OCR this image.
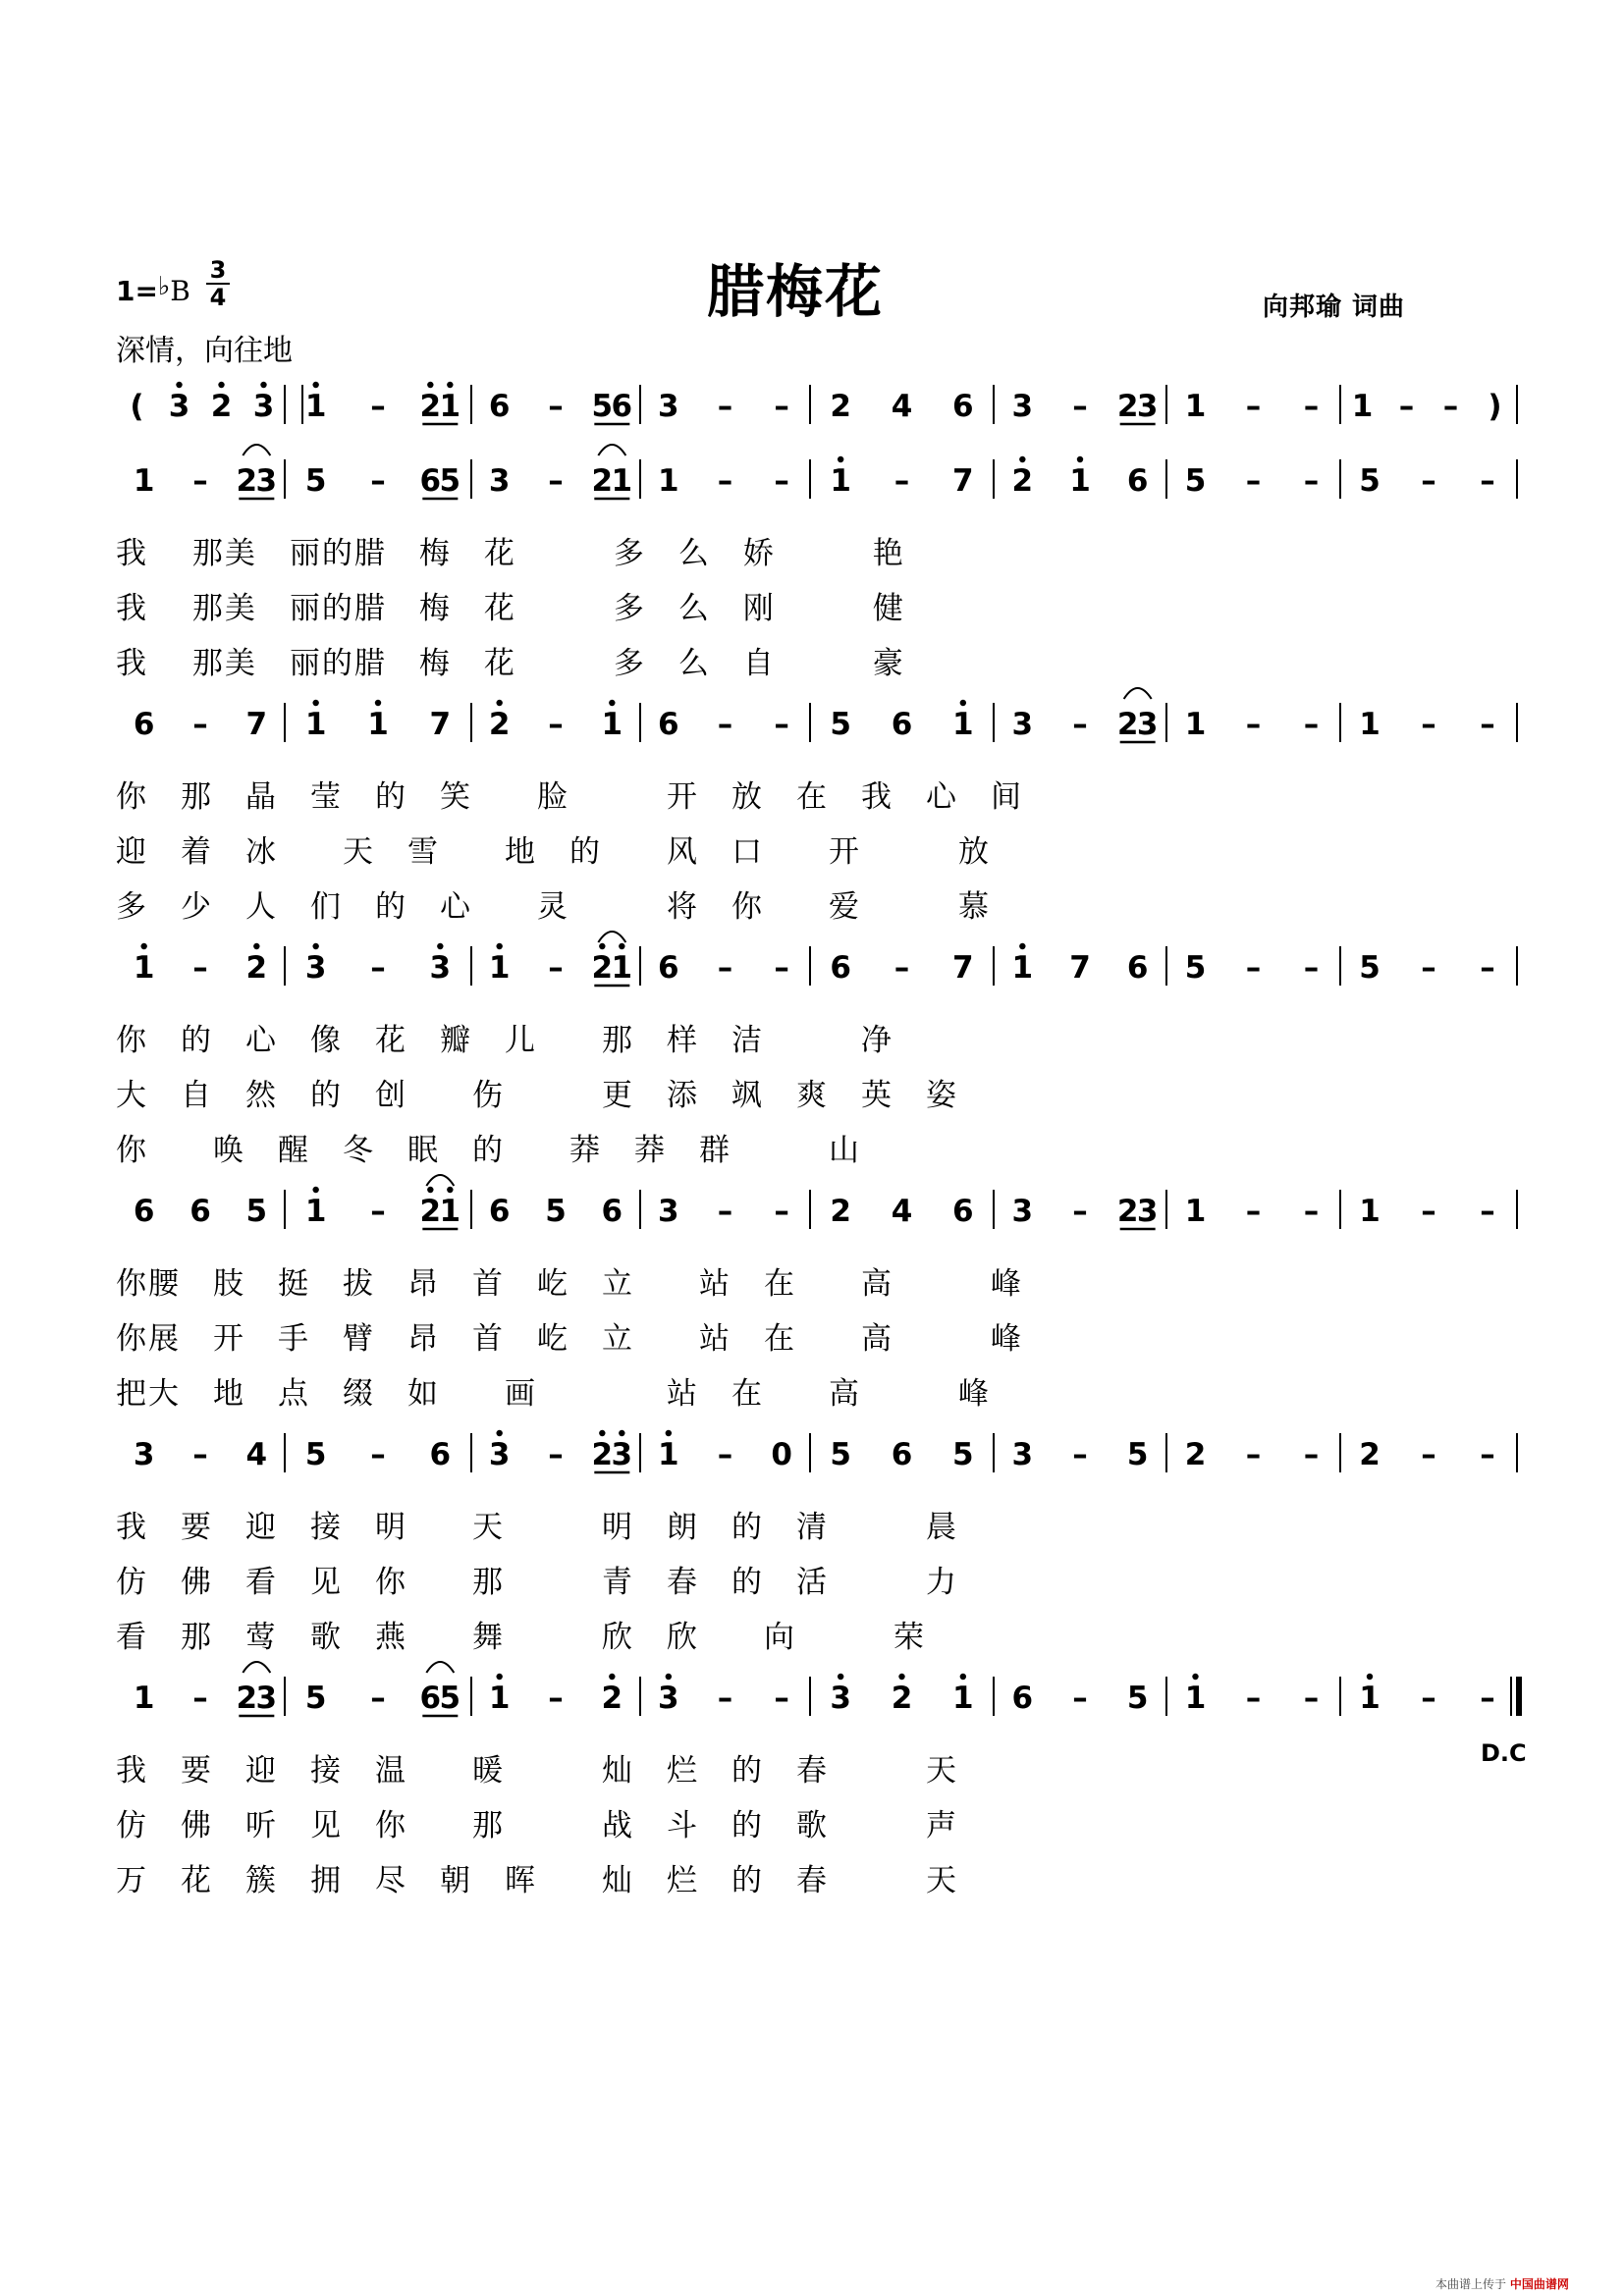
腊梅花
1=♭B
3
4
深情，向往地
向邦瑜 词曲
( 3 2 3 1 – 2
1 6 – 5
6 3 – – 2 4 6 3 – 2
3 1 – – 1 – – )
1 – 2
3 5 – 6
5 3 – 2
1 1 – – 1 – 7 2 1 6 5 – – 5 – –
6 – 7 1 1 7 2 – 1 6 – – 5 6 1 3 – 2
3 1 – – 1 – –
1 – 2 3 – 3 1 – 2
1 6 – – 6 – 7 1 7 6 5 – – 5 – –
6 6 5 1 – 2
1 6 5 6 3 – – 2 4 6 3 – 2
3 1 – – 1 – –
3 – 4 5 – 6 3 – 2
3 1 – 0 5 6 5 3 – 5 2 – – 2 – –
1 – 2
3 5 – 6
5 1 – 2 3 – – 3 2 1 6 – 5 1 – – 1 – –
我　 那美　丽的腊　梅　花　　　多　么　娇　　　艳
我　 那美　丽的腊　梅　花　　　多　么　刚　　　健
我　 那美　丽的腊　梅　花　　　多　么　自　　　豪
你　那　晶　莹　的　笑　　脸　　　开　放　在　我　心　间
迎　着　冰　　天　雪　　地　的　　风　口　　开　　　放
多　少　人　们　的　心　　灵　　　将　你　　爱　　　慕
你　的　心　像　花　瓣　儿　　那　样　洁　　　净
大　自　然　的　创　　伤　　　更　添　飒　爽　英　姿
你　　唤　醒　冬　眠　的　　莽　莽　群　　　山
你腰　肢　挺　拔　昂　首　屹　立　　站　在　　高　　　峰
你展　开　手　臂　昂　首　屹　立　　站　在　　高　　　峰
把大　地　点　缀　如　　画　　　　站　在　　高　　　峰
我　要　迎　接　明　　天　　　明　朗　的　清　　　晨
仿　佛　看　见　你　　那　　　青　春　的　活　　　力
看　那　莺　歌　燕　　舞　　　欣　欣　　向　　　荣
我　要　迎　接　温　　暖　　　灿　烂　的　春　　　天
仿　佛　听　见　你　　那　　　战　斗　的　歌　　　声
万　花　簇　拥　尽　朝　晖　　灿　烂　的　春　　　天
D.C
本曲谱上传于 中国曲谱网
